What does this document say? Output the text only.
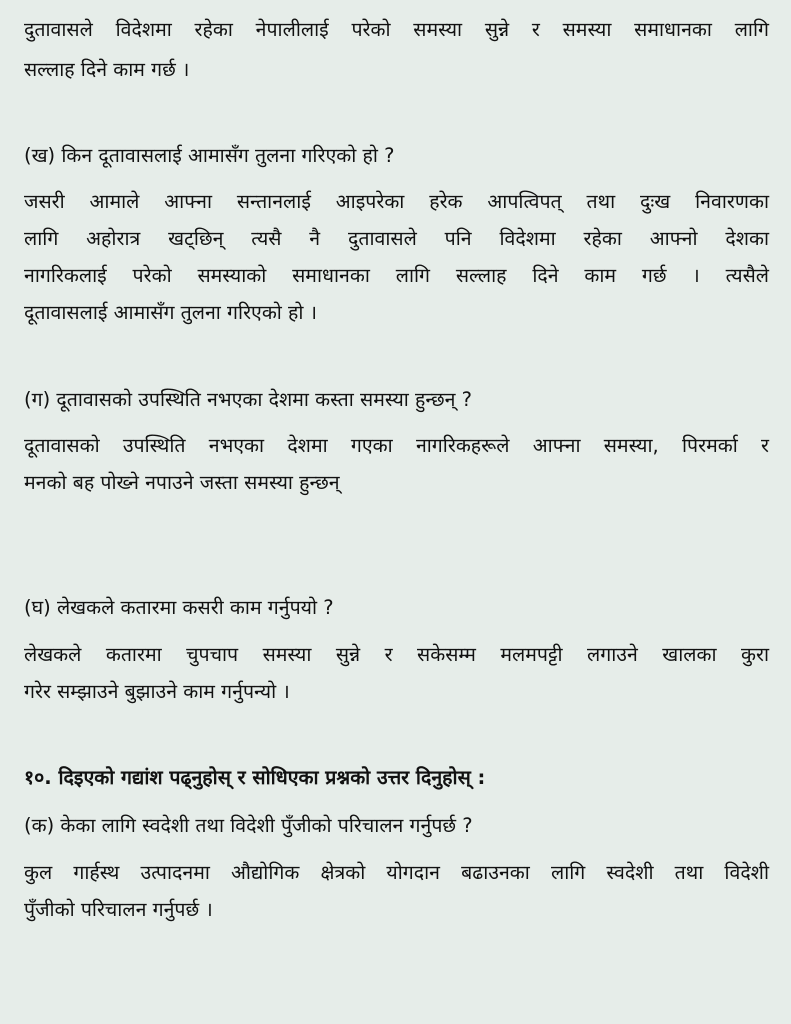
दुतावासले विदेशमा रहेका नेपालीलाई परेको समस्या सुन्ने र समस्या समाधानका लागि
सल्लाह दिने काम गर्छ ।
(ख) किन दूतावासलाई आमासँग तुलना गरिएको हो ?
जसरी आमाले आफ्ना सन्तानलाई आइपरेका हरेक आपत्विपत् तथा दुःख निवारणका
लागि अहोरात्र खट्छिन् त्यसै नै दुतावासले पनि विदेशमा रहेका आफ्नो देशका
नागरिकलाई परेको समस्याको समाधानका लागि सल्लाह दिने काम गर्छ । त्यसैले
दूतावासलाई आमासँग तुलना गरिएको हो ।
(ग) दूतावासको उपस्थिति नभएका देशमा कस्ता समस्या हुन्छन् ?
दूतावासको उपस्थिति नभएका देशमा गएका नागरिकहरूले आफ्ना समस्या, पिरमर्का र
मनको बह पोख्ने नपाउने जस्ता समस्या हुन्छन्
(घ) लेखकले कतारमा कसरी काम गर्नुपयो ?
लेखकले कतारमा चुपचाप समस्या सुन्ने र सकेसम्म मलमपट्टी लगाउने खालका कुरा
गरेर सम्झाउने बुझाउने काम गर्नुपन्यो ।
१०. दिइएको गद्यांश पढ्नुहोस् र सोधिएका प्रश्नको उत्तर दिनुहोस् :
(क) केका लागि स्वदेशी तथा विदेशी पुँजीको परिचालन गर्नुपर्छ ?
कुल गार्हस्थ उत्पादनमा औद्योगिक क्षेत्रको योगदान बढाउनका लागि स्वदेशी तथा विदेशी
पुँजीको परिचालन गर्नुपर्छ ।
